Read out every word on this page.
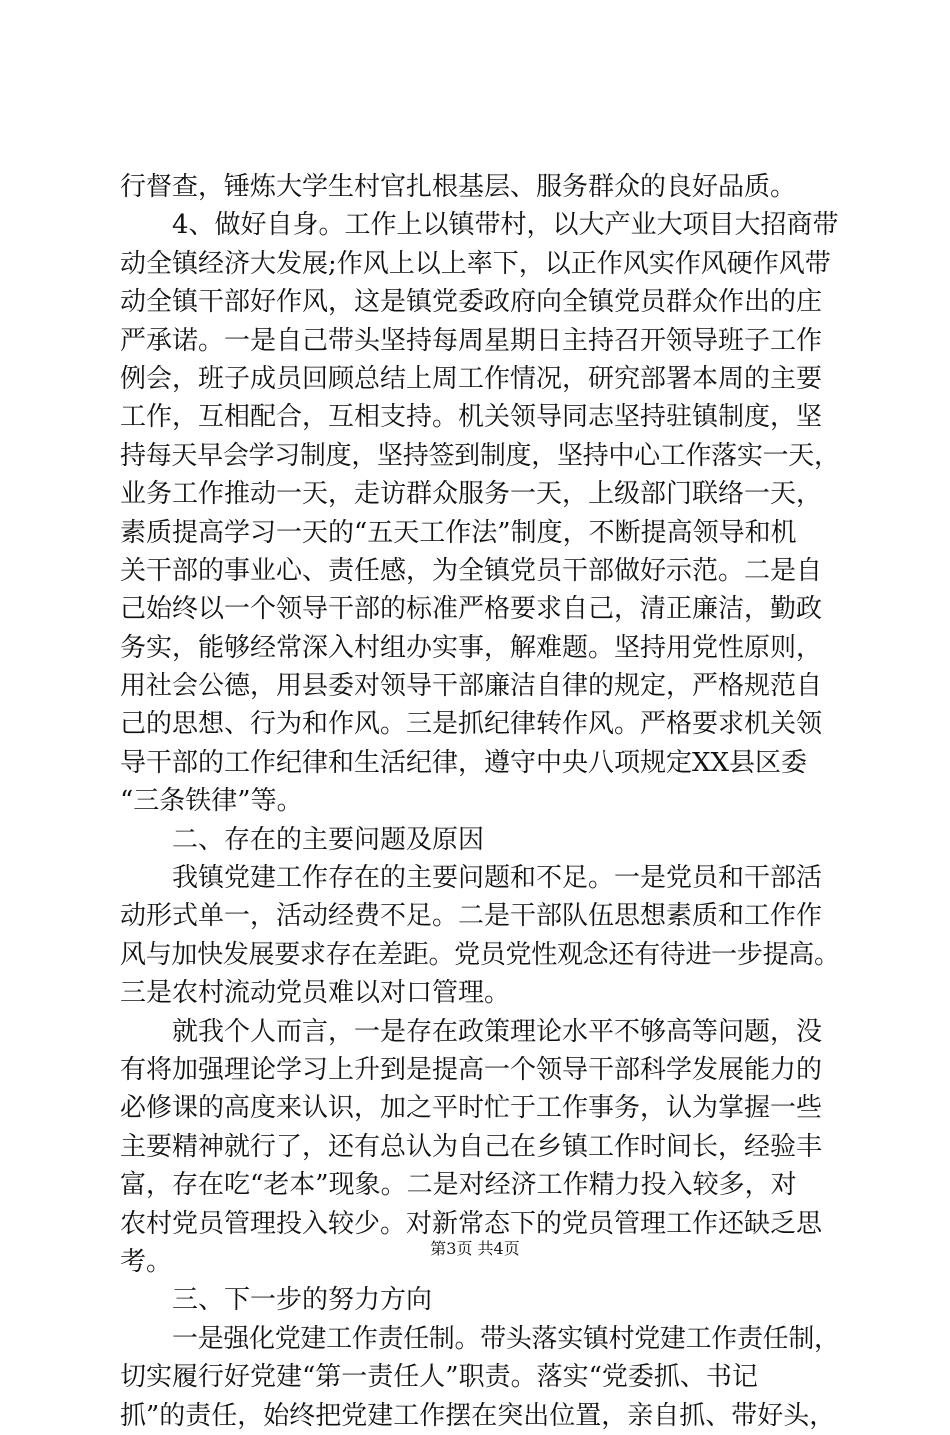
行督查，锤炼大学生村官扎根基层、服务群众的良好品质。
4、做好自身。工作上以镇带村，以大产业大项目大招商带
动全镇经济大发展;作风上以上率下，以正作风实作风硬作风带
动全镇干部好作风，这是镇党委政府向全镇党员群众作出的庄
严承诺。一是自己带头坚持每周星期日主持召开领导班子工作
例会，班子成员回顾总结上周工作情况，研究部署本周的主要
工作，互相配合，互相支持。机关领导同志坚持驻镇制度，坚
持每天早会学习制度，坚持签到制度，坚持中心工作落实一天，
业务工作推动一天，走访群众服务一天，上级部门联络一天，
素质提高学习一天的“五天工作法”制度，不断提高领导和机
关干部的事业心、责任感，为全镇党员干部做好示范。二是自
己始终以一个领导干部的标准严格要求自己，清正廉洁，勤政
务实，能够经常深入村组办实事，解难题。坚持用党性原则，
用社会公德，用县委对领导干部廉洁自律的规定，严格规范自
己的思想、行为和作风。三是抓纪律转作风。严格要求机关领
导干部的工作纪律和生活纪律，遵守中央八项规定XX县区委
“三条铁律”等。
二、存在的主要问题及原因
我镇党建工作存在的主要问题和不足。一是党员和干部活
动形式单一，活动经费不足。二是干部队伍思想素质和工作作
风与加快发展要求存在差距。党员党性观念还有待进一步提高。
三是农村流动党员难以对口管理。
就我个人而言，一是存在政策理论水平不够高等问题，没
有将加强理论学习上升到是提高一个领导干部科学发展能力的
必修课的高度来认识，加之平时忙于工作事务，认为掌握一些
主要精神就行了，还有总认为自己在乡镇工作时间长，经验丰
富，存在吃“老本”现象。二是对经济工作精力投入较多，对
农村党员管理投入较少。对新常态下的党员管理工作还缺乏思
考。
三、下一步的努力方向
一是强化党建工作责任制。带头落实镇村党建工作责任制，
切实履行好党建“第一责任人”职责。落实“党委抓、书记
抓”的责任，始终把党建工作摆在突出位置，亲自抓、带好头，
第3页 共4页
